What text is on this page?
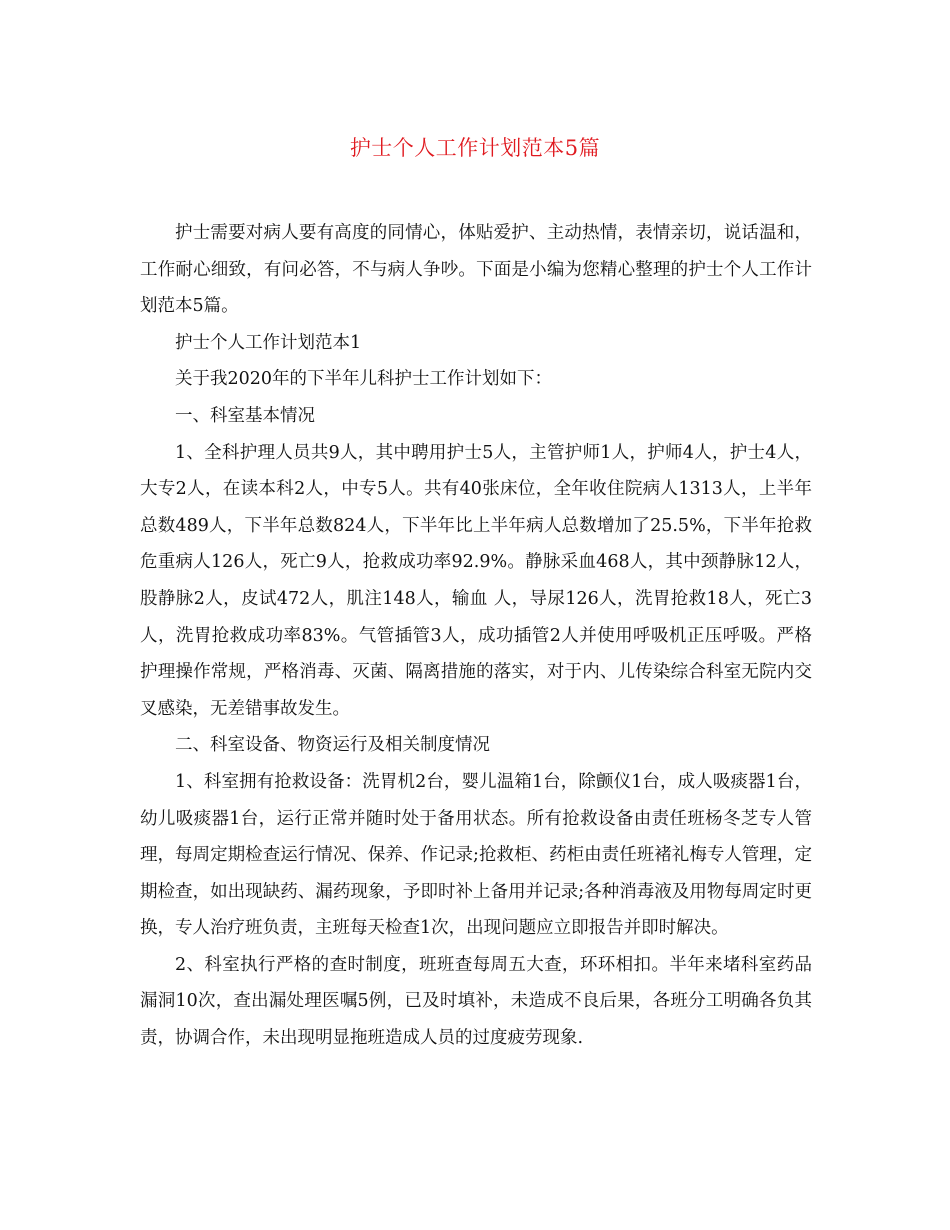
护士个人工作计划范本5篇

护士需要对病人要有高度的同情心，体贴爱护、主动热情，表情亲切，说话温和，工作耐心细致，有问必答，不与病人争吵。下面是小编为您精心整理的护士个人工作计划范本5篇。

护士个人工作计划范本1

关于我2020年的下半年儿科护士工作计划如下：

一、科室基本情况

1、全科护理人员共9人，其中聘用护士5人，主管护师1人，护师4人，护士4人，大专2人，在读本科2人，中专5人。共有40张床位，全年收住院病人1313人，上半年总数489人，下半年总数824人，下半年比上半年病人总数增加了25.5%，下半年抢救危重病人126人，死亡9人，抢救成功率92.9%。静脉采血468人，其中颈静脉12人，股静脉2人，皮试472人，肌注148人，输血 人，导尿126人，洗胃抢救18人，死亡3人，洗胃抢救成功率83%。气管插管3人，成功插管2人并使用呼吸机正压呼吸。严格护理操作常规，严格消毒、灭菌、隔离措施的落实，对于内、儿传染综合科室无院内交叉感染，无差错事故发生。

二、科室设备、物资运行及相关制度情况

1、科室拥有抢救设备：洗胃机2台，婴儿温箱1台，除颤仪1台，成人吸痰器1台，幼儿吸痰器1台，运行正常并随时处于备用状态。所有抢救设备由责任班杨冬芝专人管理，每周定期检查运行情况、保养、作记录;抢救柜、药柜由责任班褚礼梅专人管理，定期检查，如出现缺药、漏药现象，予即时补上备用并记录;各种消毒液及用物每周定时更换，专人治疗班负责，主班每天检查1次，出现问题应立即报告并即时解决。

2、科室执行严格的查时制度，班班查每周五大查，环环相扣。半年来堵科室药品漏洞10次，查出漏处理医嘱5例，已及时填补，未造成不良后果，各班分工明确各负其责，协调合作，未出现明显拖班造成人员的过度疲劳现象.
